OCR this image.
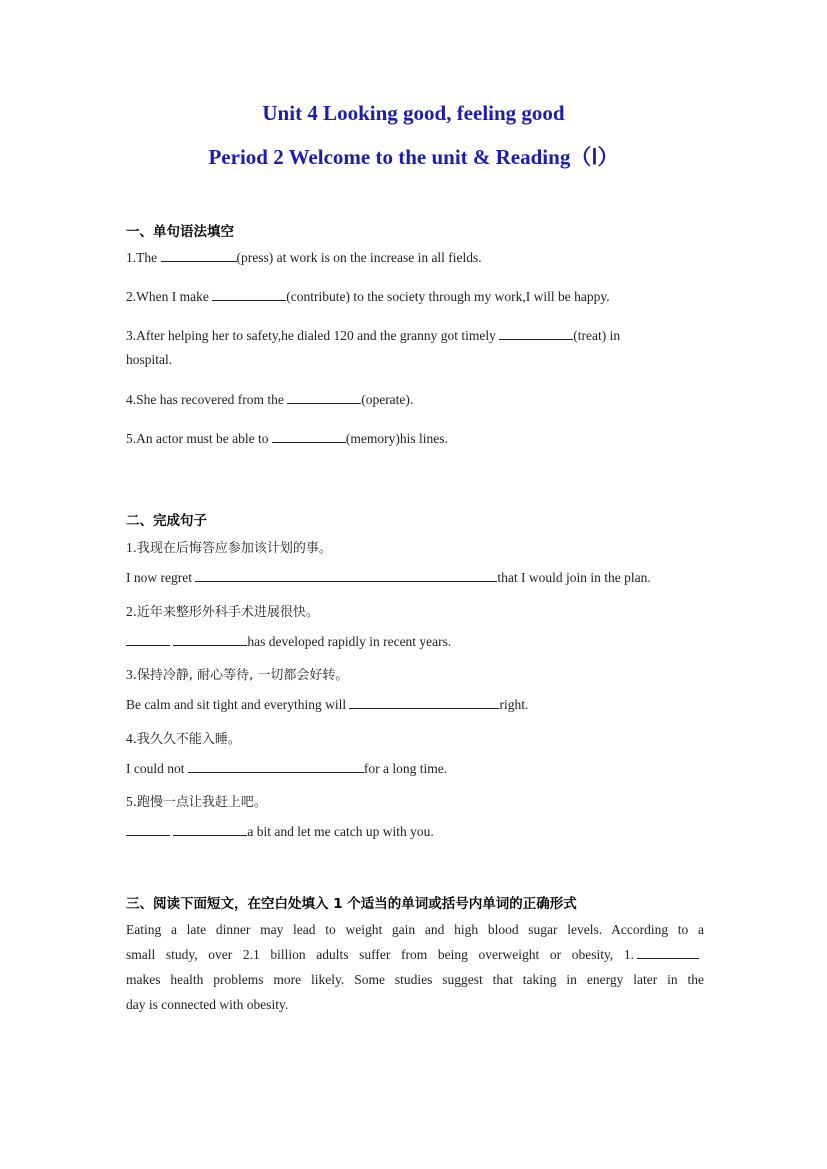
Unit 4 Looking good, feeling good
Period 2 Welcome to the unit & Reading（Ⅰ）
一、单句语法填空
1.The	(press) at work is on the increase in all fields.
2.When I make	(contribute) to the society through my work,I will be happy.
3.After helping her to safety,he dialed 120 and the granny got timely	(treat) in
hospital.
4.She has recovered from the	(operate).
5.An actor must be able to	(memory)his lines.
二、完成句子
1.我现在后悔答应参加该计划的事。
I now regret	that I would join in the plan.
2.近年来整形外科手术进展很快。
has developed rapidly in recent years.
3.保持冷静, 耐心等待, 一切都会好转。
Be calm and sit tight and everything will	right.
4.我久久不能入睡。
I could not	for a long time.
5.跑慢一点让我赶上吧。
a bit and let me catch up with you.
三、阅读下面短文，在空白处填入 1 个适当的单词或括号内单词的正确形式
Eating a late dinner may lead to weight gain and high blood sugar levels. According to a
small study, over 2.1 billion adults suffer from being overweight or obesity, 1.
makes health problems more likely. Some studies suggest that taking in energy later in the
day is connected with obesity.
